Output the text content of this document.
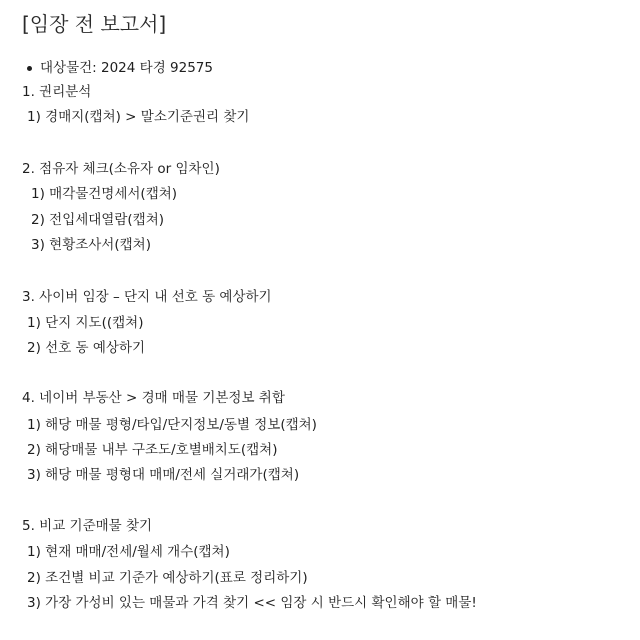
[임장 전 보고서]
대상물건: 2024 타경 92575
1. 권리분석
1) 경매지(캡쳐) > 말소기준권리 찾기
2. 점유자 체크(소유자 or 임차인)
1) 매각물건명세서(캡쳐)
2) 전입세대열람(캡쳐)
3) 현황조사서(캡쳐)
3. 사이버 임장 – 단지 내 선호 동 예상하기
1) 단지 지도((캡쳐)
2) 선호 동 예상하기
4. 네이버 부동산 > 경매 매물 기본정보 취합
1) 해당 매물 평형/타입/단지정보/동별 정보(캡쳐)
2) 해당매물 내부 구조도/호별배치도(캡쳐)
3) 해당 매물 평형대 매매/전세 실거래가(캡쳐)
5. 비교 기준매물 찾기
1) 현재 매매/전세/월세 개수(캡쳐)
2) 조건별 비교 기준가 예상하기(표로 정리하기)
3) 가장 가성비 있는 매물과 가격 찾기 << 임장 시 반드시 확인해야 할 매물!
